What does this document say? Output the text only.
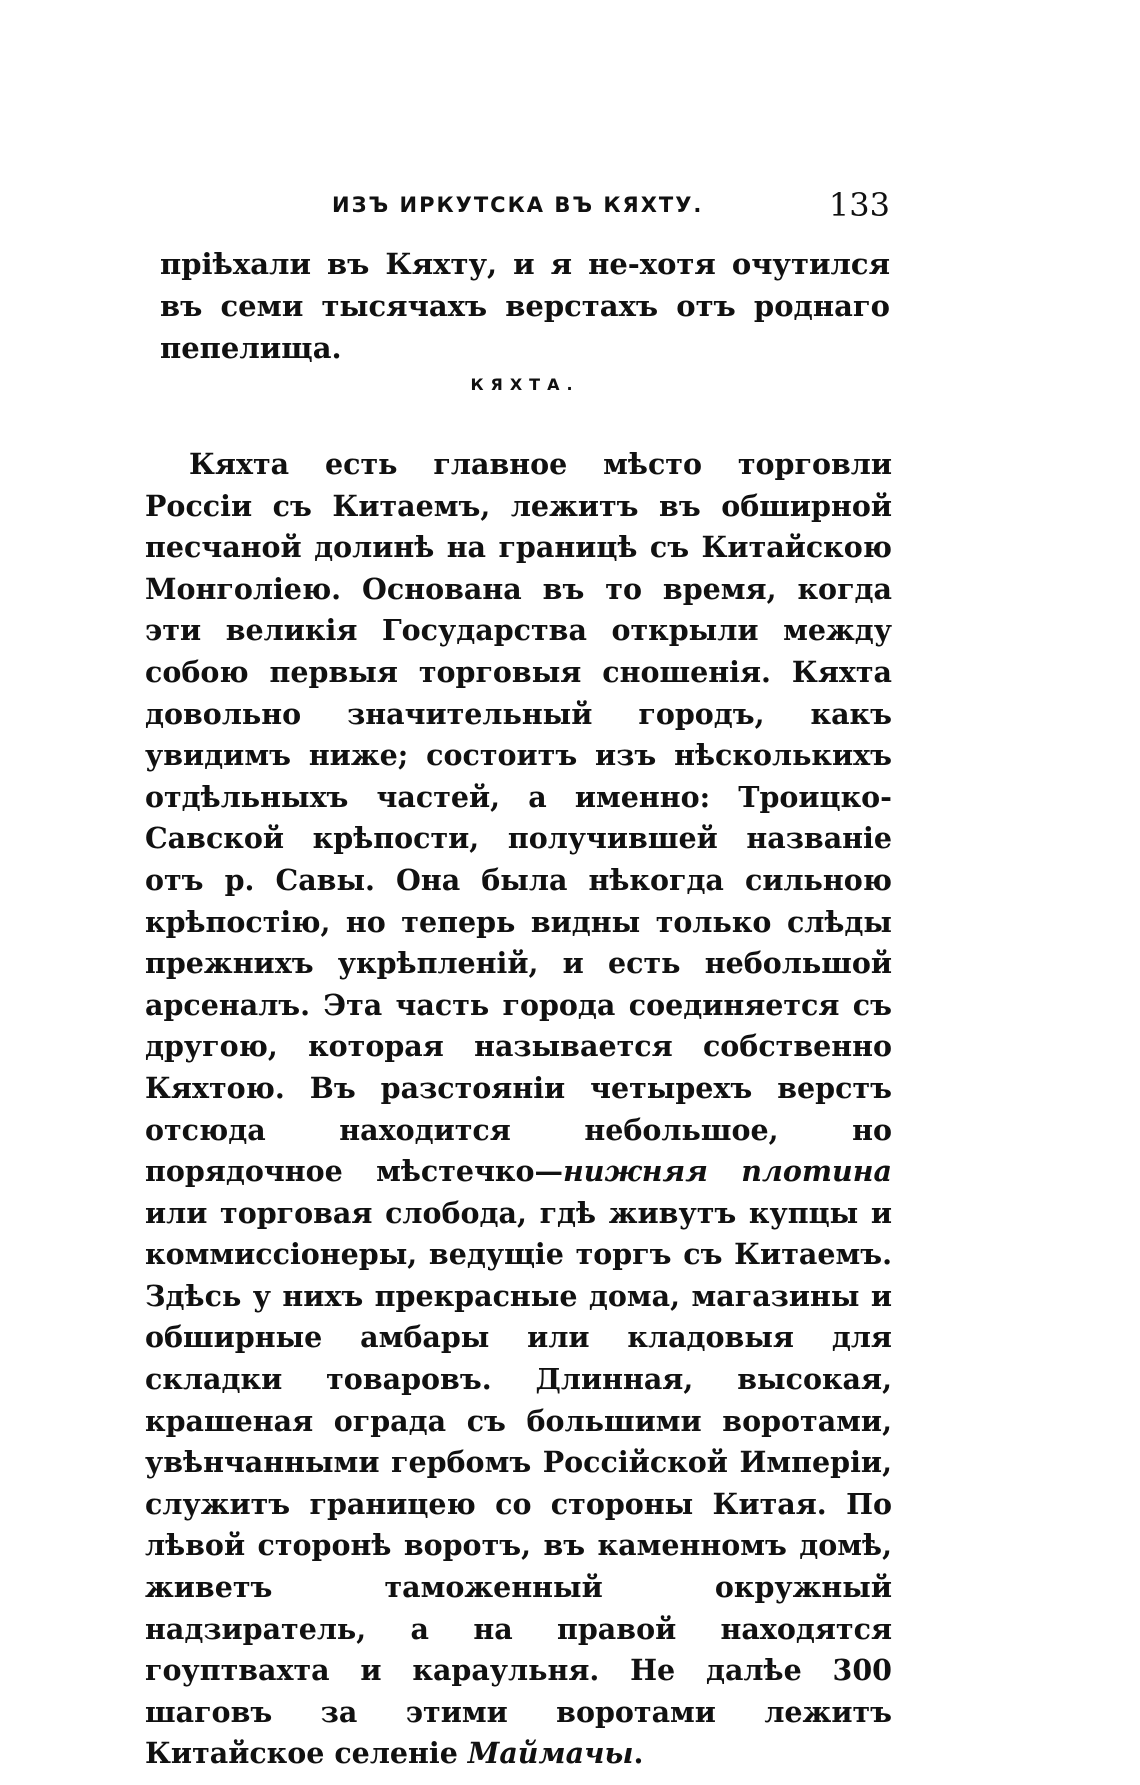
ИЗЪ ИРКУТСКА ВЪ КЯХТУ.	133

прiѣхали въ Кяхту, и я не-хотя очутился въ семи тысячахъ верстахъ отъ роднаго пепелища.

КЯХТА.

Кяхта есть главное мѣсто торговли Россiи съ Китаемъ, лежитъ въ обширной песчаной долинѣ на границѣ съ Китайскою Монголiею. Основана въ то время, когда эти великiя Государства открыли между собою первыя торговыя сношенiя. Кяхта довольно значительный городъ, какъ увидимъ ниже; состоитъ изъ нѣсколькихъ отдѣльныхъ частей, а именно: Троицко-Савской крѣпости, получившей названiе отъ р. Савы. Она была нѣкогда сильною крѣпостiю, но теперь видны только слѣды прежнихъ укрѣпленiй, и есть небольшой арсеналъ. Эта часть города соединяется съ другою, которая называется собственно Кяхтою. Въ разстоянiи четырехъ верстъ отсюда находится небольшое, но порядочное мѣстечко—нижняя плотина или торговая слобода, гдѣ живутъ купцы и коммиссiонеры, ведущiе торгъ съ Китаемъ. Здѣсь у нихъ прекрасные дома, магазины и обширные амбары или кладовыя для складки товаровъ. Длинная, высокая, крашеная ограда съ большими воротами, увѣнчанными гербомъ Россiйской Имперiи, служитъ границею со стороны Китая. По лѣвой сторонѣ воротъ, въ каменномъ домѣ, живетъ таможенный окружный надзиратель, а на правой находятся гоуптвахта и караульня. Не далѣе 300 шаговъ за этими воротами лежитъ Китайское селенiе Маймачы.
